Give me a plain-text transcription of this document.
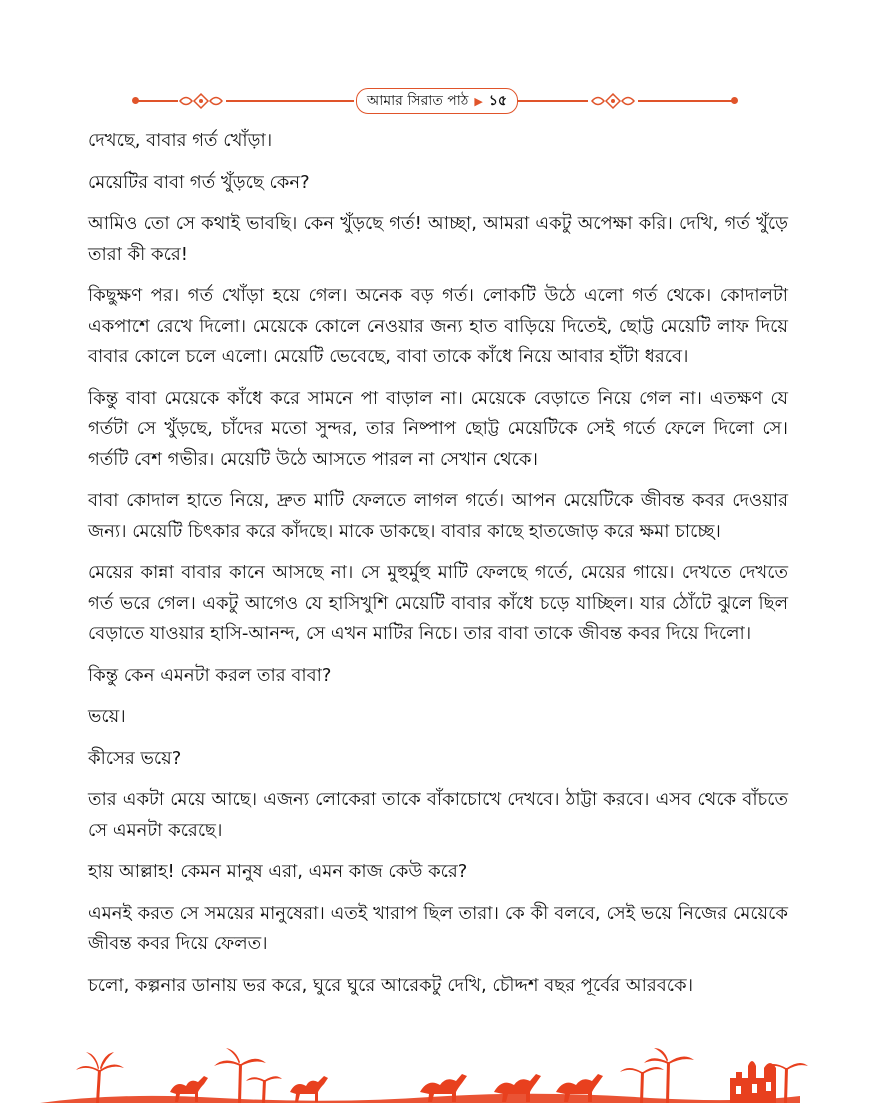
আমার সিরাত পাঠ ▶ ১৫

দেখছে, বাবার গর্ত খোঁড়া।

মেয়েটির বাবা গর্ত খুঁড়ছে কেন?

আমিও তো সে কথাই ভাবছি। কেন খুঁড়ছে গর্ত! আচ্ছা, আমরা একটু অপেক্ষা করি। দেখি, গর্ত খুঁড়ে তারা কী করে!

কিছুক্ষণ পর। গর্ত খোঁড়া হয়ে গেল। অনেক বড় গর্ত। লোকটি উঠে এলো গর্ত থেকে। কোদালটা একপাশে রেখে দিলো। মেয়েকে কোলে নেওয়ার জন্য হাত বাড়িয়ে দিতেই, ছোট্ট মেয়েটি লাফ দিয়ে বাবার কোলে চলে এলো। মেয়েটি ভেবেছে, বাবা তাকে কাঁধে নিয়ে আবার হাঁটা ধরবে।

কিন্তু বাবা মেয়েকে কাঁধে করে সামনে পা বাড়াল না। মেয়েকে বেড়াতে নিয়ে গেল না। এতক্ষণ যে গর্তটা সে খুঁড়ছে, চাঁদের মতো সুন্দর, তার নিষ্পাপ ছোট্ট মেয়েটিকে সেই গর্তে ফেলে দিলো সে। গর্তটি বেশ গভীর। মেয়েটি উঠে আসতে পারল না সেখান থেকে।

বাবা কোদাল হাতে নিয়ে, দ্রুত মাটি ফেলতে লাগল গর্তে। আপন মেয়েটিকে জীবন্ত কবর দেওয়ার জন্য। মেয়েটি চিৎকার করে কাঁদছে। মাকে ডাকছে। বাবার কাছে হাতজোড় করে ক্ষমা চাচ্ছে।

মেয়ের কান্না বাবার কানে আসছে না। সে মুহুর্মুহু মাটি ফেলছে গর্তে, মেয়ের গায়ে। দেখতে দেখতে গর্ত ভরে গেল। একটু আগেও যে হাসিখুশি মেয়েটি বাবার কাঁধে চড়ে যাচ্ছিল। যার ঠোঁটে ঝুলে ছিল বেড়াতে যাওয়ার হাসি-আনন্দ, সে এখন মাটির নিচে। তার বাবা তাকে জীবন্ত কবর দিয়ে দিলো।

কিন্তু কেন এমনটা করল তার বাবা?

ভয়ে।

কীসের ভয়ে?

তার একটা মেয়ে আছে। এজন্য লোকেরা তাকে বাঁকাচোখে দেখবে। ঠাট্টা করবে। এসব থেকে বাঁচতে সে এমনটা করেছে।

হায় আল্লাহ! কেমন মানুষ এরা, এমন কাজ কেউ করে?

এমনই করত সে সময়ের মানুষেরা। এতই খারাপ ছিল তারা। কে কী বলবে, সেই ভয়ে নিজের মেয়েকে জীবন্ত কবর দিয়ে ফেলত।

চলো, কল্পনার ডানায় ভর করে, ঘুরে ঘুরে আরেকটু দেখি, চৌদ্দশ বছর পূর্বের আরবকে।
